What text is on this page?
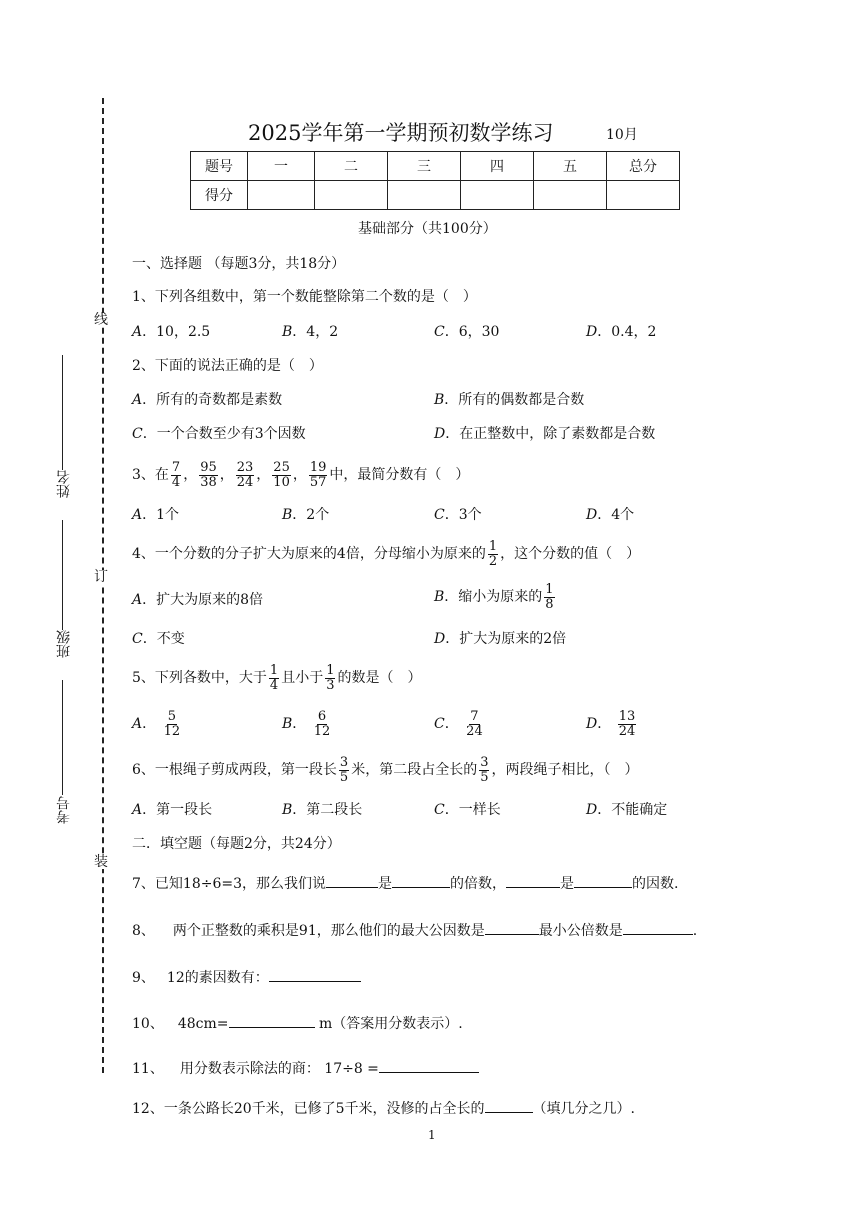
线
订
装
姓名
班级
考号
2025学年第一学期预初数学练习	10月
题号	一	二	三	四	五	总分
得分						
基础部分（共100分）
一、选择题 （每题3分，共18分）
1、下列各组数中，第一个数能整除第二个数的是（　）
A．10，2.5	B．4，2	C．6，30	D．0.4，2
2、下面的说法正确的是（　）
A．所有的奇数都是素数	B．所有的偶数都是合数
C．一个合数至少有3个因数	D．在正整数中，除了素数都是合数
3、在 $\frac{7}{4}$ ， $\frac{95}{38}$ ， $\frac{23}{24}$ ， $\frac{25}{10}$ ， $\frac{19}{57}$ 中，最简分数有（　）
A．1个	B．2个	C．3个	D．4个
4、一个分数的分子扩大为原来的4倍，分母缩小为原来的 $\frac{1}{2}$ ，这个分数的值（　）
A．扩大为原来的8倍	B．缩小为原来的 $\frac{1}{8}$
C．不变	D．扩大为原来的2倍
5、下列各数中，大于 $\frac{1}{4}$ 且小于 $\frac{1}{3}$ 的数是（　）
A． $\frac{5}{12}$	B． $\frac{6}{12}$	C． $\frac{7}{24}$	D． $\frac{13}{24}$
6、一根绳子剪成两段，第一段长 $\frac{3}{5}$ 米，第二段占全长的 $\frac{3}{5}$ ，两段绳子相比，（　）
A．第一段长	B．第二段长	C．一样长	D．不能确定
二．填空题（每题2分，共24分）
7、已知18÷6=3，那么我们说	是	的倍数，	是	的因数.
8、 两个正整数的乘积是91，那么他们的最大公因数是	最小公倍数是	.
9、 12的素因数有：
10、 48cm=	m（答案用分数表示）.
11、 用分数表示除法的商： 17÷8 =
12、一条公路长20千米，已修了5千米，没修的占全长的	（填几分之几）.
1
